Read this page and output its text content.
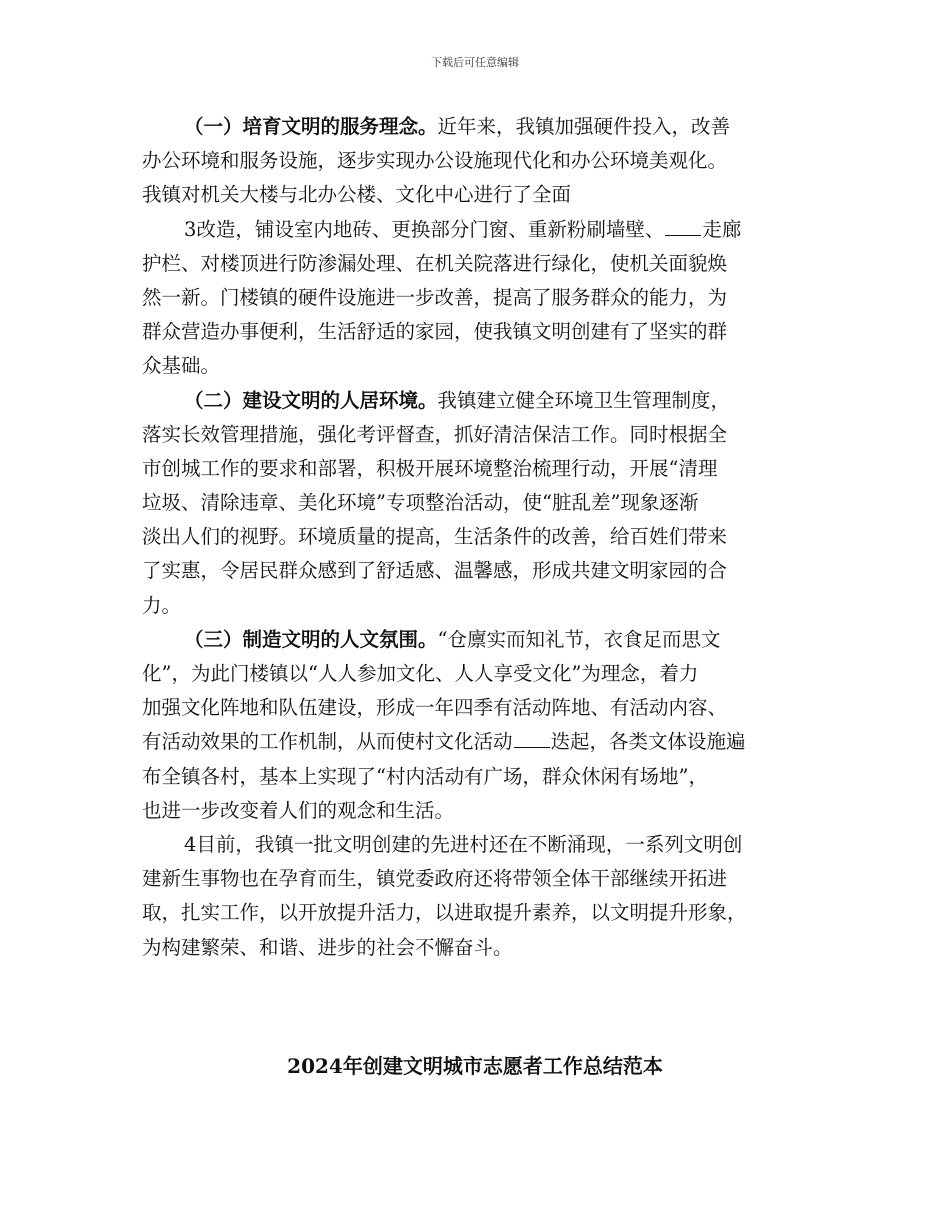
下载后可任意编辑
（一）培育文明的服务理念。近年来，我镇加强硬件投入，改善
办公环境和服务设施，逐步实现办公设施现代化和办公环境美观化。
我镇对机关大楼与北办公楼、文化中心进行了全面
3改造，铺设室内地砖、更换部分门窗、重新粉刷墙壁、 走廊
护栏、对楼顶进行防渗漏处理、在机关院落进行绿化，使机关面貌焕
然一新。门楼镇的硬件设施进一步改善，提高了服务群众的能力，为
群众营造办事便利，生活舒适的家园，使我镇文明创建有了坚实的群
众基础。
（二）建设文明的人居环境。我镇建立健全环境卫生管理制度，
落实长效管理措施，强化考评督查，抓好清洁保洁工作。同时根据全
市创城工作的要求和部署，积极开展环境整治梳理行动，开展“清理
垃圾、清除违章、美化环境”专项整治活动，使“脏乱差”现象逐渐
淡出人们的视野。环境质量的提高，生活条件的改善，给百姓们带来
了实惠，令居民群众感到了舒适感、温馨感，形成共建文明家园的合
力。
（三）制造文明的人文氛围。“仓廪实而知礼节，衣食足而思文
化”，为此门楼镇以“人人参加文化、人人享受文化”为理念，着力
加强文化阵地和队伍建设，形成一年四季有活动阵地、有活动内容、
有活动效果的工作机制，从而使村文化活动 迭起，各类文体设施遍
布全镇各村，基本上实现了“村内活动有广场，群众休闲有场地”，
也进一步改变着人们的观念和生活。
4目前，我镇一批文明创建的先进村还在不断涌现，一系列文明创
建新生事物也在孕育而生，镇党委政府还将带领全体干部继续开拓进
取，扎实工作，以开放提升活力，以进取提升素养，以文明提升形象，
为构建繁荣、和谐、进步的社会不懈奋斗。
2024年创建文明城市志愿者工作总结范本
